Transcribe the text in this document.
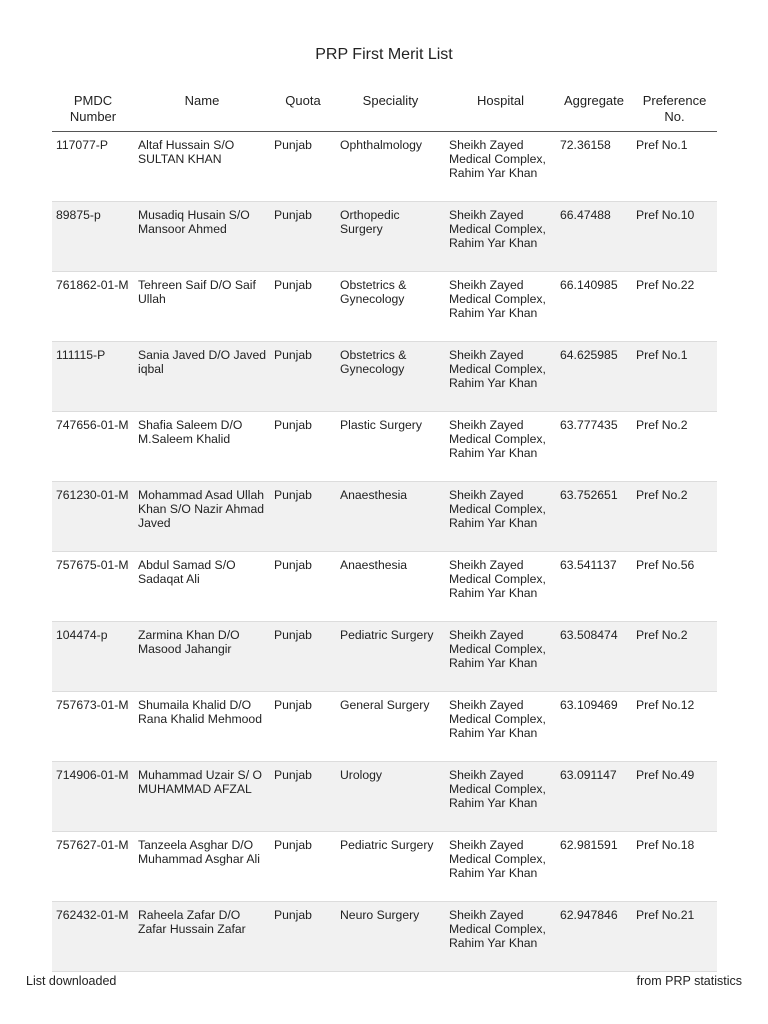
PRP First Merit List
PMDC Number	Name	Quota	Speciality	Hospital	Aggregate	Preference No.
117077-P	Altaf Hussain S/O SULTAN KHAN	Punjab	Ophthalmology	Sheikh Zayed Medical Complex, Rahim Yar Khan	72.36158	Pref No.1
89875-p	Musadiq Husain S/O Mansoor Ahmed	Punjab	Orthopedic Surgery	Sheikh Zayed Medical Complex, Rahim Yar Khan	66.47488	Pref No.10
761862-01-M	Tehreen Saif D/O Saif Ullah	Punjab	Obstetrics & Gynecology	Sheikh Zayed Medical Complex, Rahim Yar Khan	66.140985	Pref No.22
111115-P	Sania Javed D/O Javed iqbal	Punjab	Obstetrics & Gynecology	Sheikh Zayed Medical Complex, Rahim Yar Khan	64.625985	Pref No.1
747656-01-M	Shafia Saleem D/O M.Saleem Khalid	Punjab	Plastic Surgery	Sheikh Zayed Medical Complex, Rahim Yar Khan	63.777435	Pref No.2
761230-01-M	Mohammad Asad Ullah Khan S/O Nazir Ahmad Javed	Punjab	Anaesthesia	Sheikh Zayed Medical Complex, Rahim Yar Khan	63.752651	Pref No.2
757675-01-M	Abdul Samad S/O Sadaqat Ali	Punjab	Anaesthesia	Sheikh Zayed Medical Complex, Rahim Yar Khan	63.541137	Pref No.56
104474-p	Zarmina Khan D/O Masood Jahangir	Punjab	Pediatric Surgery	Sheikh Zayed Medical Complex, Rahim Yar Khan	63.508474	Pref No.2
757673-01-M	Shumaila Khalid D/O Rana Khalid Mehmood	Punjab	General Surgery	Sheikh Zayed Medical Complex, Rahim Yar Khan	63.109469	Pref No.12
714906-01-M	Muhammad Uzair S/ O MUHAMMAD AFZAL	Punjab	Urology	Sheikh Zayed Medical Complex, Rahim Yar Khan	63.091147	Pref No.49
757627-01-M	Tanzeela Asghar D/O Muhammad Asghar Ali	Punjab	Pediatric Surgery	Sheikh Zayed Medical Complex, Rahim Yar Khan	62.981591	Pref No.18
762432-01-M	Raheela Zafar D/O Zafar Hussain Zafar	Punjab	Neuro Surgery	Sheikh Zayed Medical Complex, Rahim Yar Khan	62.947846	Pref No.21
List downloaded	from PRP statistics
